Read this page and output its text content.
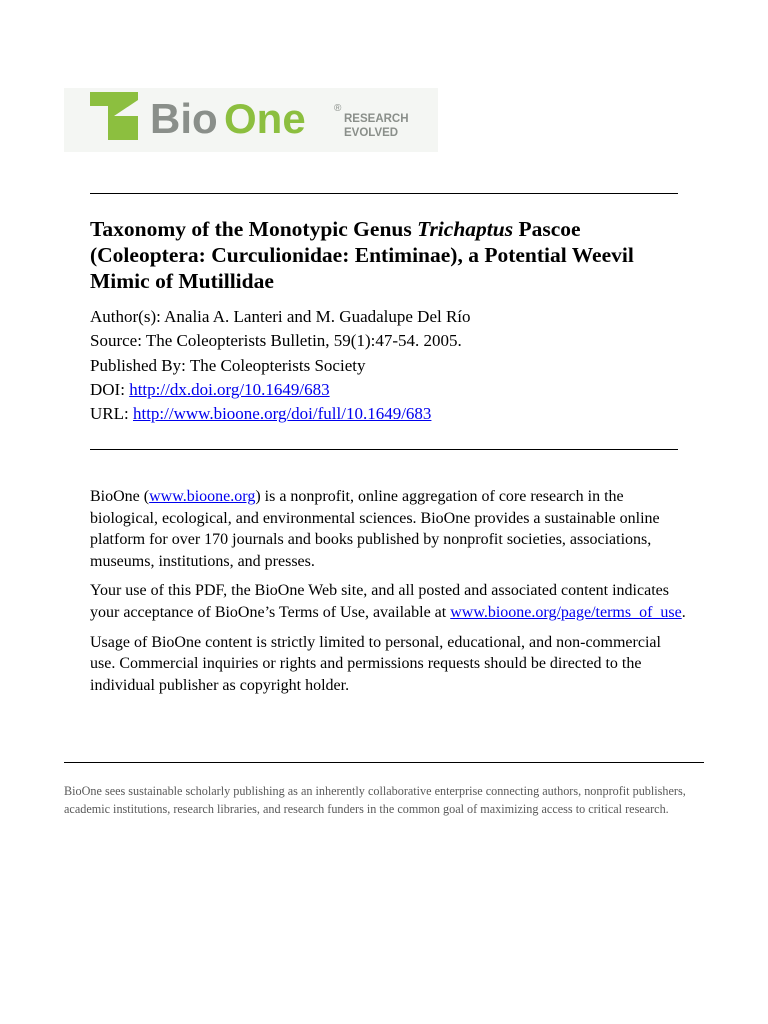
Bio One	®
RESEARCH
EVOLVED
Taxonomy of the Monotypic Genus Trichaptus Pascoe (Coleoptera: Curculionidae: Entiminae), a Potential Weevil Mimic of Mutillidae
Author(s): Analia A. Lanteri and M. Guadalupe Del Río
Source: The Coleopterists Bulletin, 59(1):47-54. 2005.
Published By: The Coleopterists Society
DOI: http://dx.doi.org/10.1649/683
URL: http://www.bioone.org/doi/full/10.1649/683

BioOne (www.bioone.org) is a nonprofit, online aggregation of core research in the biological, ecological, and environmental sciences. BioOne provides a sustainable online platform for over 170 journals and books published by nonprofit societies, associations, museums, institutions, and presses.

Your use of this PDF, the BioOne Web site, and all posted and associated content indicates your acceptance of BioOne’s Terms of Use, available at www.bioone.org/page/terms_of_use.

Usage of BioOne content is strictly limited to personal, educational, and non-commercial use. Commercial inquiries or rights and permissions requests should be directed to the individual publisher as copyright holder.

BioOne sees sustainable scholarly publishing as an inherently collaborative enterprise connecting authors, nonprofit publishers, academic institutions, research libraries, and research funders in the common goal of maximizing access to critical research.
